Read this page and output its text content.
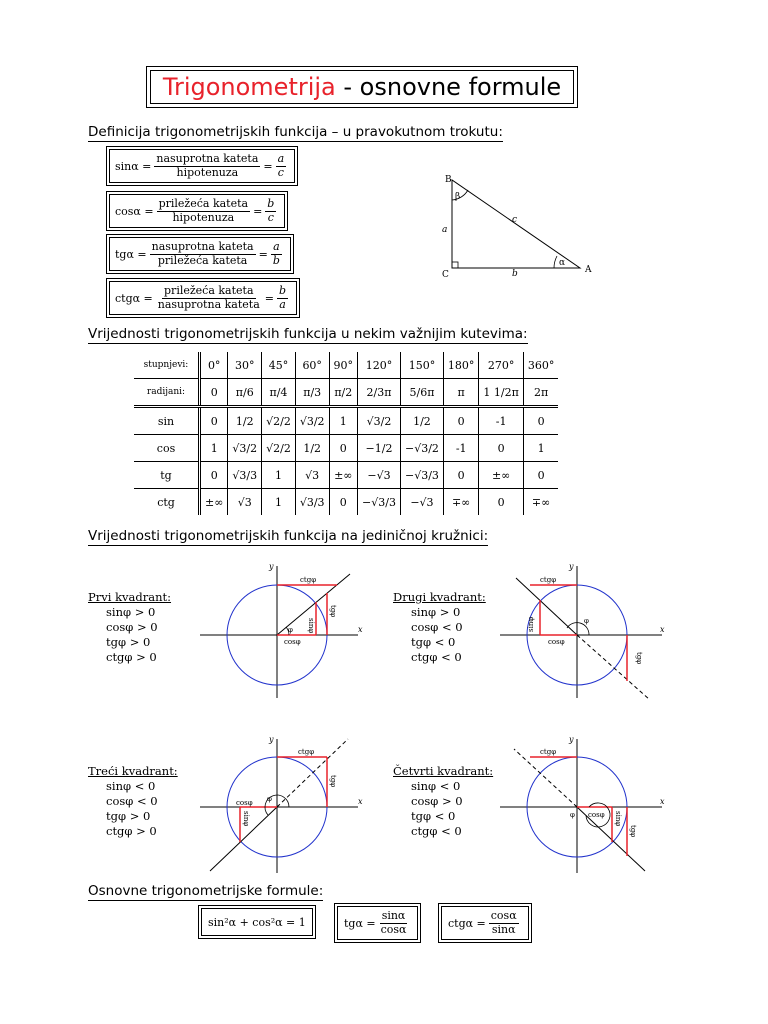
Trigonometrija - osnovne formule
Definicija trigonometrijskih funkcija – u pravokutnom trokutu:
$\sin\alpha = \frac{\text{nasuprotna kateta}}{\text{hipotenuza}} = \frac{a}{c}$
$\cos\alpha = \frac{\text{priležeća kateta}}{\text{hipotenuza}} = \frac{b}{c}$
$tg\alpha = \frac{\text{nasuprotna kateta}}{\text{priležeća kateta}} = \frac{a}{b}$
$ctg\alpha = \frac{\text{priležeća kateta}}{\text{nasuprotna kateta}} = \frac{b}{a}$
B
C	A
a
b
c
α
β
Vrijednosti trigonometrijskih funkcija u nekim važnijim kutevima:
stupnjevi:	0°	30°	45°	60°	90°	120°	150°	180°	270°	360°
radijani:	0	π/6	π/4	π/3	π/2	2/3π	5/6π	π	1 1/2π	2π
sin	0	1/2	√2/2	√3/2	1	√3/2	1/2	0	-1	0
cos	1	√3/2	√2/2	1/2	0	−1/2	−√3/2	-1	0	1
tg	0	√3/3	1	√3	±∞	−√3	−√3/3	0	±∞	0
ctg	±∞	√3	1	√3/3	0	−√3/3	−√3	∓∞	0	∓∞
Vrijednosti trigonometrijskih funkcija na jediničnoj kružnici:
Prvi kvadrant:
sinφ > 0
cosφ > 0
tgφ > 0
ctgφ > 0
Drugi kvadrant:
sinφ > 0
cosφ < 0
tgφ < 0
ctgφ < 0
Treći kvadrant:
sinφ < 0
cosφ < 0
tgφ > 0
ctgφ > 0
Četvrti kvadrant:
sinφ < 0
cosφ > 0
tgφ < 0
ctgφ < 0
x
y
φ
cosφ
ctgφ
sinφ
tgφ
x
y
φ
cosφ
ctgφ
sinφ
tgφ
x
y
φ
cosφ
ctgφ
sinφ
tgφ
x
y
φ cosφ
ctgφ
sinφ
tgφ
Osnovne trigonometrijske formule:
sin²α + cos²α = 1	$tg\alpha = \frac{\sin\alpha}{\cos\alpha}$	$ctg\alpha = \frac{\cos\alpha}{\sin\alpha}$
